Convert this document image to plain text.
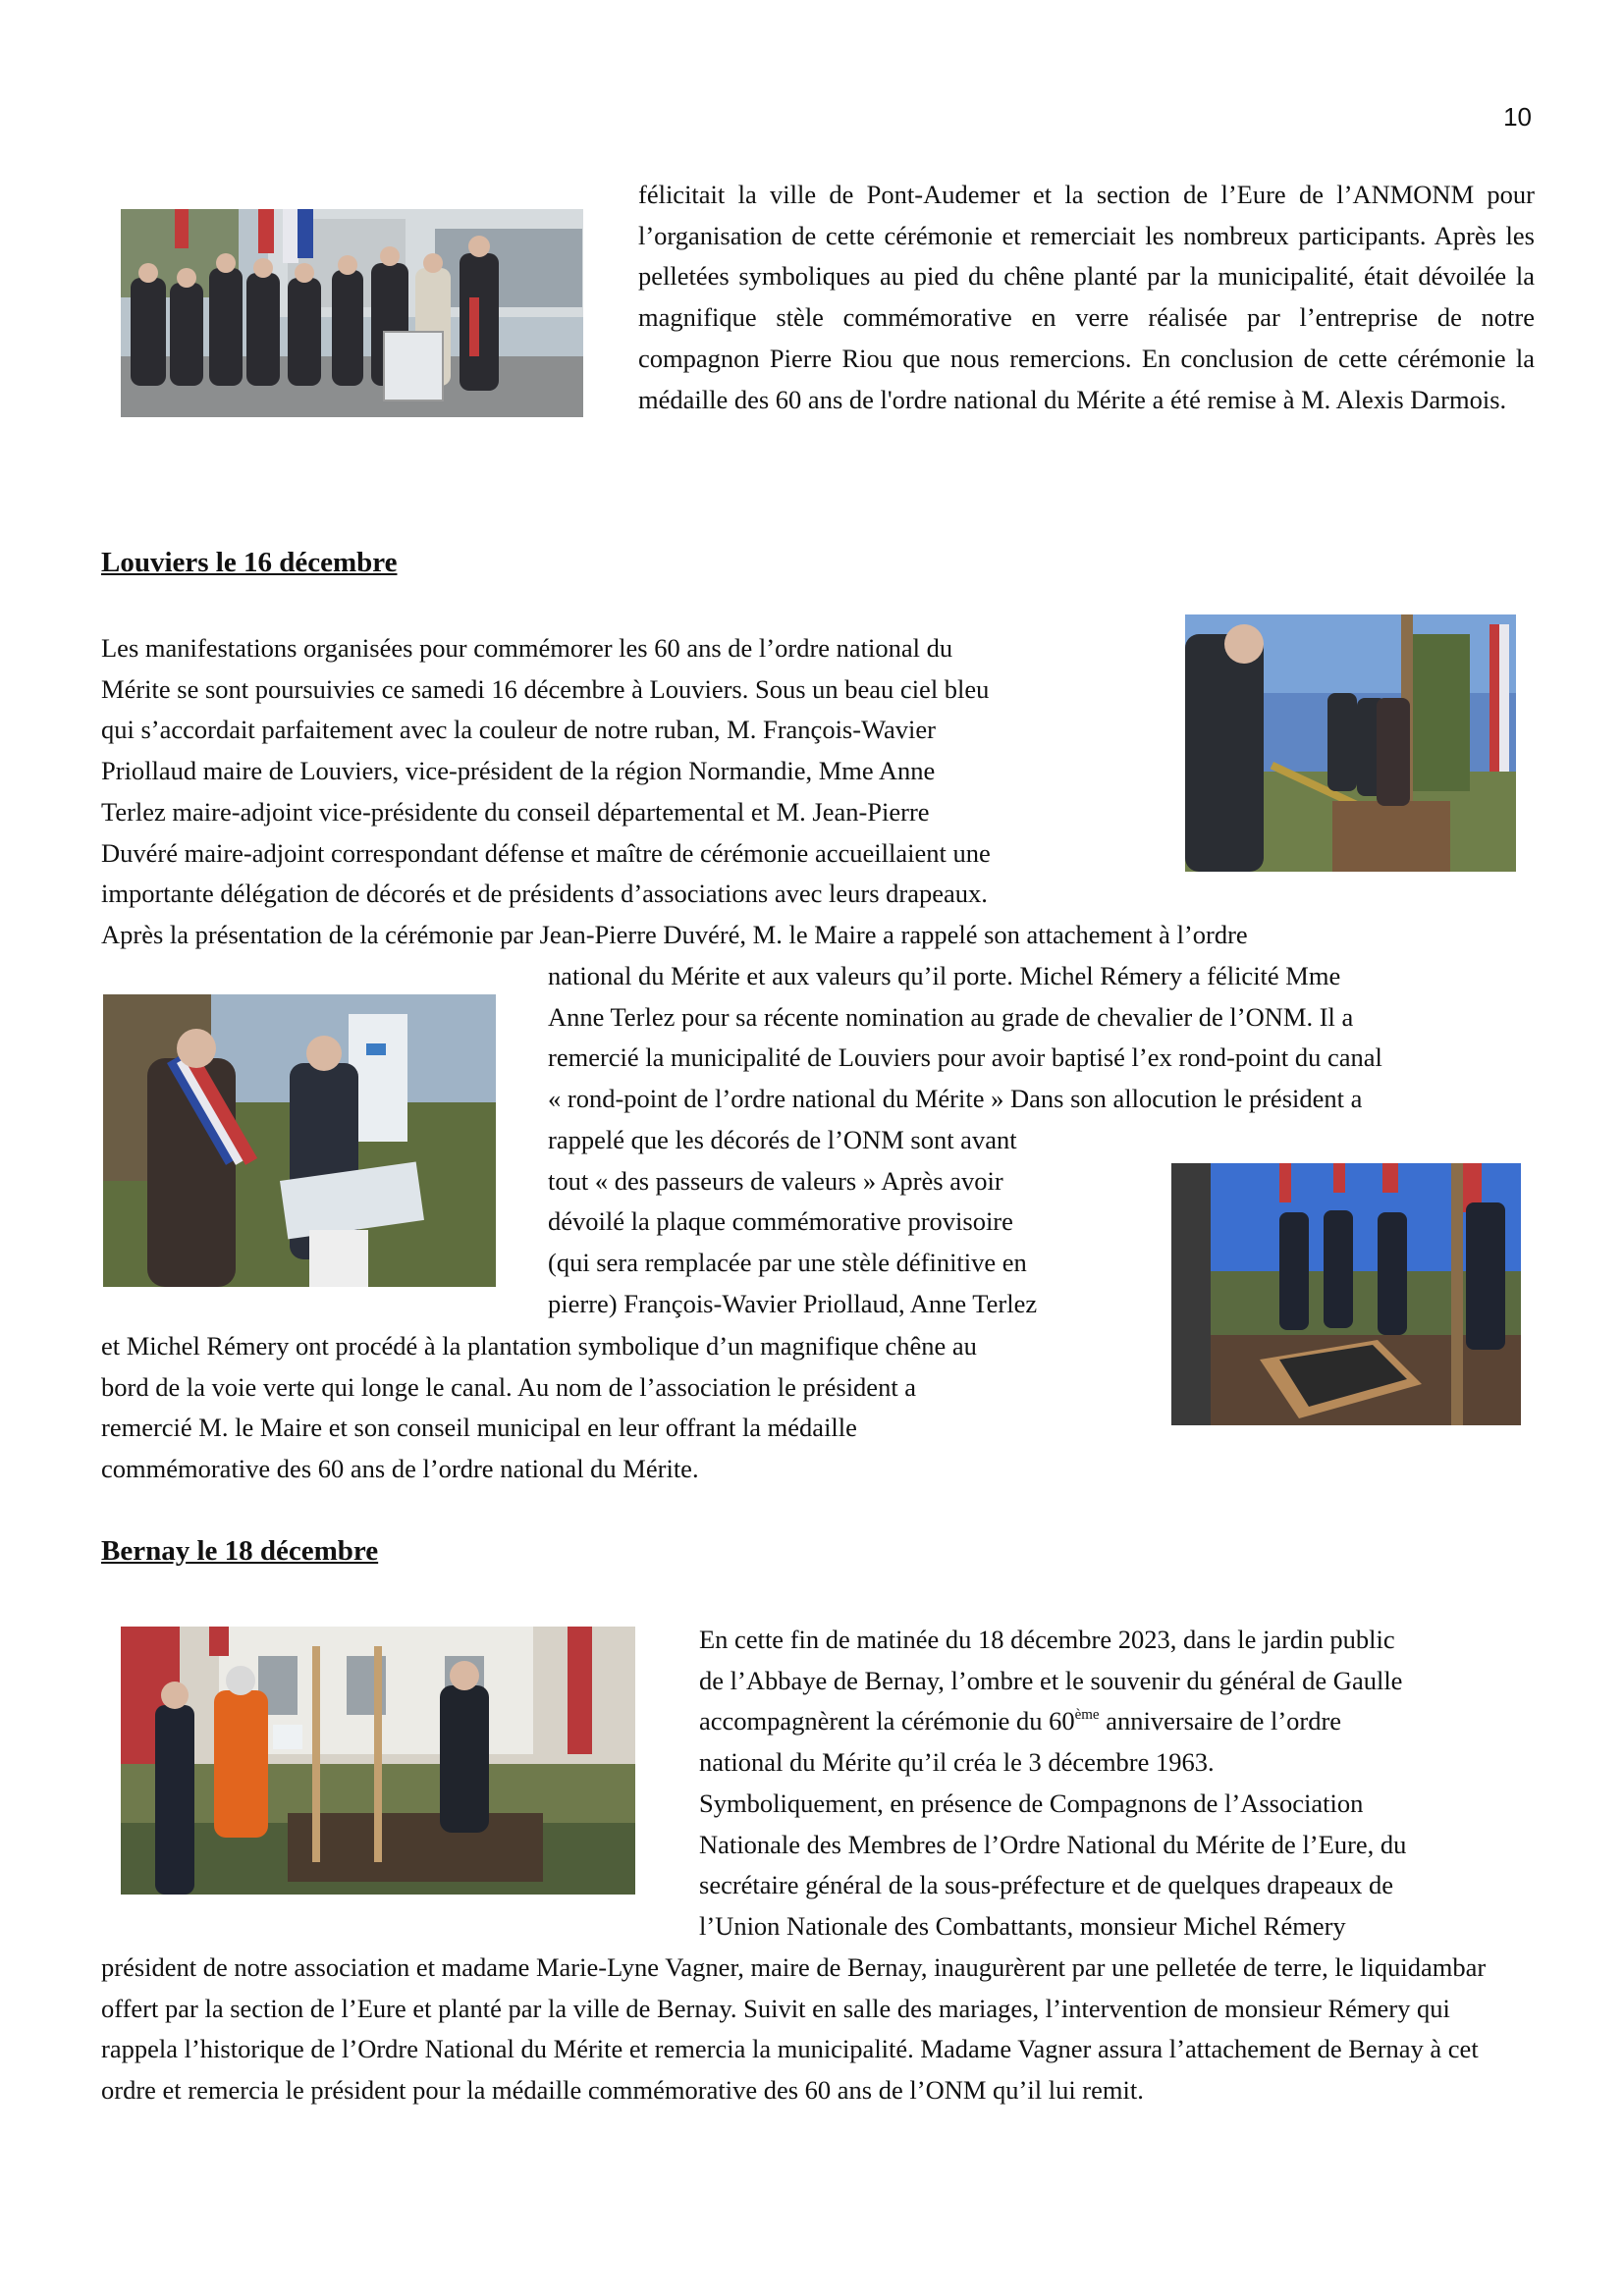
10

félicitait la ville de Pont-Audemer et la section de l’Eure de l’ANMONM pour l’organisation de cette cérémonie et remerciait les nombreux participants. Après les pelletées symboliques au pied du chêne planté par la municipalité, était dévoilée la magnifique stèle commémorative en verre réalisée par l’entreprise de notre compagnon Pierre Riou que nous remercions. En conclusion de cette cérémonie la médaille des 60 ans de l'ordre national du Mérite a été remise à M. Alexis Darmois.

Louviers le 16 décembre
Les manifestations organisées pour commémorer les 60 ans de l’ordre national du
Mérite se sont poursuivies ce samedi 16 décembre à Louviers. Sous un beau ciel bleu
qui s’accordait parfaitement avec la couleur de notre ruban, M. François-Wavier
Priollaud maire de Louviers, vice-président de la région Normandie, Mme Anne
Terlez maire-adjoint vice-présidente du conseil départemental et M. Jean-Pierre
Duvéré maire-adjoint correspondant défense et maître de cérémonie accueillaient une
importante délégation de décorés et de présidents d’associations avec leurs drapeaux.
Après la présentation de la cérémonie par Jean-Pierre Duvéré, M. le Maire a rappelé son attachement à l’ordre
national du Mérite et aux valeurs qu’il porte. Michel Rémery a félicité Mme
Anne Terlez pour sa récente nomination au grade de chevalier de l’ONM. Il a
remercié la municipalité de Louviers pour avoir baptisé l’ex rond-point du canal
« rond-point de l’ordre national du Mérite » Dans son allocution le président a
rappelé que les décorés de l’ONM sont avant
tout « des passeurs de valeurs » Après avoir
dévoilé la plaque commémorative provisoire
(qui sera remplacée par une stèle définitive en
pierre) François-Wavier Priollaud, Anne Terlez
et Michel Rémery ont procédé à la plantation symbolique d’un magnifique chêne au
bord de la voie verte qui longe le canal. Au nom de l’association le président a
remercié M. le Maire et son conseil municipal en leur offrant la médaille
commémorative des 60 ans de l’ordre national du Mérite.
Bernay le 18 décembre
En cette fin de matinée du 18 décembre 2023, dans le jardin public
de l’Abbaye de Bernay, l’ombre et le souvenir du général de Gaulle
accompagnèrent la cérémonie du 60ème anniversaire de l’ordre
national du Mérite qu’il créa le 3 décembre 1963.
Symboliquement, en présence de Compagnons de l’Association
Nationale des Membres de l’Ordre National du Mérite de l’Eure, du
secrétaire général de la sous-préfecture et de quelques drapeaux de
l’Union Nationale des Combattants, monsieur Michel Rémery

président de notre association et madame Marie-Lyne Vagner, maire de Bernay, inaugurèrent par une pelletée de terre, le liquidambar offert par la section de l’Eure et planté par la ville de Bernay. Suivit en salle des mariages, l’intervention de monsieur Rémery qui rappela l’historique de l’Ordre National du Mérite et remercia la municipalité. Madame Vagner assura l’attachement de Bernay à cet ordre et remercia le président pour la médaille commémorative des 60 ans de l’ONM qu’il lui remit.
